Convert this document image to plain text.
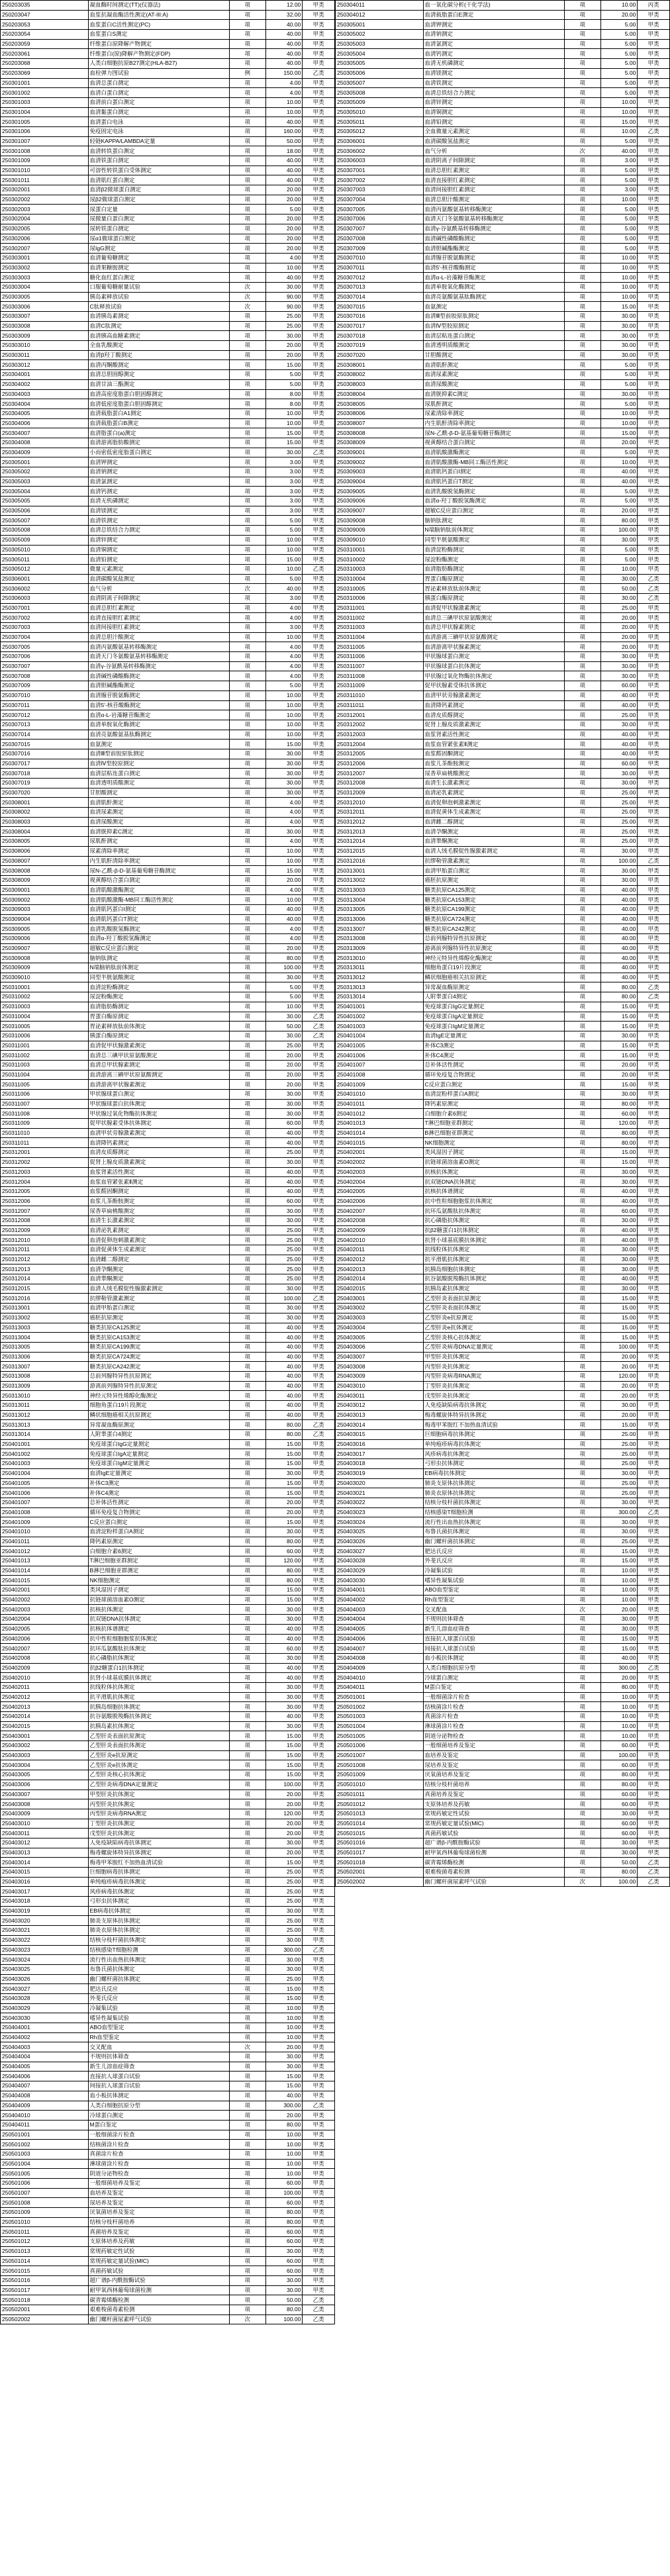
250203035	凝血酶时间测定(TT)(仪器法)	项	12.00	甲类
250203047	血浆抗凝血酶活性测定(AT-III:A)	项	32.00	甲类
250203053	血浆蛋白C活性测定(PC)	项	40.00	甲类
250203054	血浆蛋白S测定	项	40.00	甲类
250203059	纤维蛋白原降解产物测定	项	40.00	甲类
250203061	纤维蛋白(原)降解产物测定(FDP)	项	40.00	甲类
250203068	人类白细胞抗原B27测定(HLA-B27)	项	40.00	甲类
250203069	血栓弹力图试验	例	150.00	乙类
250301001	血清总蛋白测定	项	4.00	甲类
250301002	血清白蛋白测定	项	4.00	甲类
250301003	血清前白蛋白测定	项	10.00	甲类
250301004	血清黏蛋白测定	项	10.00	甲类
250301005	血清蛋白电泳	项	40.00	甲类
250301006	免疫固定电泳	项	160.00	甲类
250301007	轻链KAPPA/LAMBDA定量	项	50.00	甲类
250301008	血清转铁蛋白测定	项	18.00	甲类
250301009	血清铁蛋白测定	项	40.00	甲类
250301010	可溶性转铁蛋白受体测定	项	40.00	甲类
250301011	血清肌红蛋白测定	项	40.00	甲类
250302001	血清β2微球蛋白测定	项	20.00	甲类
250302002	尿β2微球蛋白测定	项	20.00	甲类
250302003	尿蛋白定量	项	5.00	甲类
250302004	尿微量白蛋白测定	项	20.00	甲类
250302005	尿转铁蛋白测定	项	20.00	甲类
250302006	尿α1微球蛋白测定	项	20.00	甲类
250302007	尿IgG测定	项	20.00	甲类
250303001	血清葡萄糖测定	项	4.00	甲类
250303002	血清果糖胺测定	项	10.00	甲类
250303003	糖化血红蛋白测定	项	40.00	甲类
250303004	口服葡萄糖耐量试验	次	30.00	甲类
250303005	胰岛素释放试验	次	90.00	甲类
250303006	C肽释放试验	次	90.00	甲类
250303007	血清胰岛素测定	项	25.00	甲类
250303008	血清C肽测定	项	25.00	甲类
250303009	血清胰高血糖素测定	项	30.00	甲类
250303010	全血乳酸测定	项	20.00	甲类
250303011	血清β羟丁酸测定	项	20.00	甲类
250303012	血清丙酮酸测定	项	15.00	甲类
250304001	血清总胆固醇测定	项	5.00	甲类
250304002	血清甘油三酯测定	项	5.00	甲类
250304003	血清高密度脂蛋白胆固醇测定	项	8.00	甲类
250304004	血清低密度脂蛋白胆固醇测定	项	8.00	甲类
250304005	血清载脂蛋白A1测定	项	10.00	甲类
250304006	血清载脂蛋白B测定	项	10.00	甲类
250304007	血清脂蛋白(a)测定	项	15.00	甲类
250304008	血清游离脂肪酸测定	项	15.00	甲类
250304009	小而密低密度脂蛋白测定	项	30.00	乙类
250305001	血清钾测定	项	3.00	甲类
250305002	血清钠测定	项	3.00	甲类
250305003	血清氯测定	项	3.00	甲类
250305004	血清钙测定	项	3.00	甲类
250305005	血清无机磷测定	项	3.00	甲类
250305006	血清镁测定	项	3.00	甲类
250305007	血清铁测定	项	5.00	甲类
250305008	血清总铁结合力测定	项	5.00	甲类
250305009	血清锌测定	项	10.00	甲类
250305010	血清铜测定	项	10.00	甲类
250305011	血清铅测定	项	15.00	甲类
250305012	微量元素测定	项	10.00	乙类
250306001	血清碳酸氢盐测定	项	5.00	甲类
250306002	血气分析	次	40.00	甲类
250306003	血清阴离子间隙测定	项	3.00	甲类
250307001	血清总胆红素测定	项	4.00	甲类
250307002	血清直接胆红素测定	项	4.00	甲类
250307003	血清间接胆红素测定	项	3.00	甲类
250307004	血清总胆汁酸测定	项	10.00	甲类
250307005	血清丙氨酸氨基转移酶测定	项	4.00	甲类
250307006	血清天门冬氨酸氨基转移酶测定	项	4.00	甲类
250307007	血清γ-谷氨酰基转移酶测定	项	4.00	甲类
250307008	血清碱性磷酸酶测定	项	4.00	甲类
250307009	血清胆碱酯酶测定	项	5.00	甲类
250307010	血清腺苷脱氨酶测定	项	10.00	甲类
250307011	血清5'-核苷酸酶测定	项	10.00	甲类
250307012	血清α-L-岩藻糖苷酶测定	项	10.00	甲类
250307013	血清单胺氧化酶测定	项	10.00	甲类
250307014	血清亮氨酸氨基肽酶测定	项	10.00	甲类
250307015	血氨测定	项	15.00	甲类
250307016	血清Ⅲ型前胶原肽测定	项	30.00	甲类
250307017	血清Ⅳ型胶原测定	项	30.00	甲类
250307018	血清层粘连蛋白测定	项	30.00	甲类
250307019	血清透明质酸测定	项	30.00	甲类
250307020	甘胆酸测定	项	30.00	甲类
250308001	血清肌酐测定	项	4.00	甲类
250308002	血清尿素测定	项	4.00	甲类
250308003	血清尿酸测定	项	4.00	甲类
250308004	血清胱抑素C测定	项	30.00	甲类
250308005	尿肌酐测定	项	4.00	甲类
250308006	尿素清除率测定	项	10.00	甲类
250308007	内生肌酐清除率测定	项	10.00	甲类
250308008	尿N-乙酰-β-D-氨基葡萄糖苷酶测定	项	15.00	甲类
250308009	视黄醇结合蛋白测定	项	20.00	甲类
250309001	血清肌酸激酶测定	项	4.00	甲类
250309002	血清肌酸激酶-MB同工酶活性测定	项	10.00	甲类
250309003	血清肌钙蛋白I测定	项	40.00	甲类
250309004	血清肌钙蛋白T测定	项	40.00	甲类
250309005	血清乳酸脱氢酶测定	项	4.00	甲类
250309006	血清α-羟丁酸脱氢酶测定	项	4.00	甲类
250309007	超敏C反应蛋白测定	项	20.00	甲类
250309008	脑钠肽测定	项	80.00	甲类
250309009	N端脑钠肽前体测定	项	100.00	甲类
250309010	同型半胱氨酸测定	项	30.00	甲类
250310001	血清淀粉酶测定	项	5.00	甲类
250310002	尿淀粉酶测定	项	5.00	甲类
250310003	血清脂肪酶测定	项	10.00	甲类
250310004	胃蛋白酶原测定	项	30.00	乙类
250310005	胃泌素释放肽前体测定	项	50.00	乙类
250310006	胰蛋白酶原测定	项	30.00	乙类
250311001	血清促甲状腺激素测定	项	25.00	甲类
250311002	血清总三碘甲状原氨酸测定	项	20.00	甲类
250311003	血清总甲状腺素测定	项	20.00	甲类
250311004	血清游离三碘甲状原氨酸测定	项	20.00	甲类
250311005	血清游离甲状腺素测定	项	20.00	甲类
250311006	甲状腺球蛋白测定	项	30.00	甲类
250311007	甲状腺球蛋白抗体测定	项	30.00	甲类
250311008	甲状腺过氧化物酶抗体测定	项	30.00	甲类
250311009	促甲状腺素受体抗体测定	项	60.00	甲类
250311010	血清甲状旁腺激素测定	项	40.00	甲类
250311011	血清降钙素测定	项	40.00	甲类
250312001	血清皮质醇测定	项	25.00	甲类
250312002	促肾上腺皮质激素测定	项	30.00	甲类
250312003	血浆肾素活性测定	项	40.00	甲类
250312004	血浆血管紧张素Ⅱ测定	项	40.00	甲类
250312005	血浆醛固酮测定	项	40.00	甲类
250312006	血浆儿茶酚胺测定	项	60.00	甲类
250312007	尿香草扁桃酸测定	项	30.00	甲类
250312008	血清生长激素测定	项	30.00	甲类
250312009	血清泌乳素测定	项	25.00	甲类
250312010	血清促卵泡刺激素测定	项	25.00	甲类
250312011	血清促黄体生成素测定	项	25.00	甲类
250312012	血清雌二醇测定	项	25.00	甲类
250312013	血清孕酮测定	项	25.00	甲类
250312014	血清睾酮测定	项	25.00	甲类
250312015	血清人绒毛膜促性腺激素测定	项	30.00	甲类
250312016	抗缪勒管激素测定	项	100.00	乙类
250313001	血清甲胎蛋白测定	项	30.00	甲类
250313002	癌胚抗原测定	项	30.00	甲类
250313003	糖类抗原CA125测定	项	40.00	甲类
250313004	糖类抗原CA153测定	项	40.00	甲类
250313005	糖类抗原CA199测定	项	40.00	甲类
250313006	糖类抗原CA724测定	项	40.00	甲类
250313007	糖类抗原CA242测定	项	40.00	甲类
250313008	总前列腺特异性抗原测定	项	40.00	甲类
250313009	游离前列腺特异性抗原测定	项	40.00	甲类
250313010	神经元特异性烯醇化酶测定	项	40.00	甲类
250313011	细胞角蛋白19片段测定	项	40.00	甲类
250313012	鳞状细胞癌相关抗原测定	项	40.00	甲类
250313013	异常凝血酶原测定	项	80.00	乙类
250313014	人附睾蛋白4测定	项	80.00	乙类
250401001	免疫球蛋白IgG定量测定	项	15.00	甲类
250401002	免疫球蛋白IgA定量测定	项	15.00	甲类
250401003	免疫球蛋白IgM定量测定	项	15.00	甲类
250401004	血清IgE定量测定	项	30.00	甲类
250401005	补体C3测定	项	15.00	甲类
250401006	补体C4测定	项	15.00	甲类
250401007	总补体活性测定	项	20.00	甲类
250401008	循环免疫复合物测定	项	20.00	甲类
250401009	C反应蛋白测定	项	15.00	甲类
250401010	血清淀粉样蛋白A测定	项	30.00	甲类
250401011	降钙素原测定	项	80.00	甲类
250401012	白细胞介素6测定	项	60.00	甲类
250401013	T淋巴细胞亚群测定	项	120.00	甲类
250401014	B淋巴细胞亚群测定	项	80.00	甲类
250401015	NK细胞测定	项	80.00	甲类
250402001	类风湿因子测定	项	15.00	甲类
250402002	抗链球菌溶血素O测定	项	15.00	甲类
250402003	抗核抗体测定	项	30.00	甲类
250402004	抗双链DNA抗体测定	项	30.00	甲类
250402005	抗核抗体谱测定	项	40.00	甲类
250402006	抗中性粒细胞胞浆抗体测定	项	40.00	甲类
250402007	抗环瓜氨酸肽抗体测定	项	60.00	甲类
250402008	抗心磷脂抗体测定	项	30.00	甲类
250402009	抗β2糖蛋白1抗体测定	项	40.00	甲类
250402010	抗肾小球基底膜抗体测定	项	40.00	甲类
250402011	抗线粒体抗体测定	项	30.00	甲类
250402012	抗平滑肌抗体测定	项	30.00	甲类
250402013	抗胰岛细胞抗体测定	项	30.00	甲类
250402014	抗谷氨酸脱羧酶抗体测定	项	40.00	甲类
250402015	抗胰岛素抗体测定	项	30.00	甲类
250403001	乙型肝炎表面抗原测定	项	15.00	甲类
250403002	乙型肝炎表面抗体测定	项	15.00	甲类
250403003	乙型肝炎e抗原测定	项	15.00	甲类
250403004	乙型肝炎e抗体测定	项	15.00	甲类
250403005	乙型肝炎核心抗体测定	项	15.00	甲类
250403006	乙型肝炎病毒DNA定量测定	项	100.00	甲类
250403007	甲型肝炎抗体测定	项	20.00	甲类
250403008	丙型肝炎抗体测定	项	20.00	甲类
250403009	丙型肝炎病毒RNA测定	项	120.00	甲类
250403010	丁型肝炎抗体测定	项	20.00	甲类
250403011	戊型肝炎抗体测定	项	20.00	甲类
250403012	人免疫缺陷病毒抗体测定	项	30.00	甲类
250403013	梅毒螺旋体特异抗体测定	项	20.00	甲类
250403014	梅毒甲苯胺红不加热血清试验	项	15.00	甲类
250403015	巨细胞病毒抗体测定	项	25.00	甲类
250403016	单纯疱疹病毒抗体测定	项	25.00	甲类
250403017	风疹病毒抗体测定	项	25.00	甲类
250403018	弓形虫抗体测定	项	25.00	甲类
250403019	EB病毒抗体测定	项	30.00	甲类
250403020	肺炎支原体抗体测定	项	25.00	甲类
250403021	肺炎衣原体抗体测定	项	25.00	甲类
250403022	结核分枝杆菌抗体测定	项	30.00	甲类
250403023	结核感染T细胞检测	项	300.00	乙类
250403024	流行性出血热抗体测定	项	30.00	甲类
250403025	布鲁氏菌抗体测定	项	30.00	甲类
250403026	幽门螺杆菌抗体测定	项	25.00	甲类
250403027	肥达氏反应	项	15.00	甲类
250403028	外斐氏反应	项	15.00	甲类
250403029	冷凝集试验	项	10.00	甲类
250403030	嗜异性凝集试验	项	10.00	甲类
250404001	ABO血型鉴定	项	10.00	甲类
250404002	Rh血型鉴定	项	10.00	甲类
250404003	交叉配血	次	20.00	甲类
250404004	不规则抗体筛查	项	30.00	甲类
250404005	新生儿溶血症筛查	项	30.00	甲类
250404006	直接抗人球蛋白试验	项	15.00	甲类
250404007	间接抗人球蛋白试验	项	15.00	甲类
250404008	血小板抗体测定	项	40.00	甲类
250404009	人类白细胞抗原分型	项	300.00	乙类
250404010	冷球蛋白测定	项	20.00	甲类
250404011	M蛋白鉴定	项	80.00	甲类
250501001	一般细菌涂片检查	项	10.00	甲类
250501002	结核菌涂片检查	项	10.00	甲类
250501003	真菌涂片检查	项	10.00	甲类
250501004	淋球菌涂片检查	项	10.00	甲类
250501005	阴道分泌物检查	项	10.00	甲类
250501006	一般细菌培养及鉴定	项	60.00	甲类
250501007	血培养及鉴定	项	100.00	甲类
250501008	尿培养及鉴定	项	60.00	甲类
250501009	厌氧菌培养及鉴定	项	80.00	甲类
250501010	结核分枝杆菌培养	项	80.00	甲类
250501011	真菌培养及鉴定	项	60.00	甲类
250501012	支原体培养及药敏	项	60.00	甲类
250501013	常规药敏定性试验	项	30.00	甲类
250501014	常规药敏定量试验(MIC)	项	60.00	甲类
250501015	真菌药敏试验	项	60.00	甲类
250501016	超广谱β-内酰胺酶试验	项	30.00	甲类
250501017	耐甲氧西林葡萄球菌检测	项	30.00	甲类
250501018	碳青霉烯酶检测	项	50.00	乙类
250502001	艰难梭菌毒素检测	项	80.00	乙类
250502002	幽门螺杆菌尿素呼气试验	次	100.00	乙类
250304011	血一氧化碳分析(干化学法)	项	10.00	丙类
250304012	血清载脂蛋白E测定	项	20.00	甲类
250305001	血清钾测定	项	5.00	甲类
250305002	血清钠测定	项	5.00	甲类
250305003	血清氯测定	项	5.00	甲类
250305004	血清钙测定	项	5.00	甲类
250305005	血清无机磷测定	项	5.00	甲类
250305006	血清镁测定	项	5.00	甲类
250305007	血清铁测定	项	5.00	甲类
250305008	血清总铁结合力测定	项	5.00	甲类
250305009	血清锌测定	项	10.00	甲类
250305010	血清铜测定	项	10.00	甲类
250305011	血清铅测定	项	15.00	甲类
250305012	全血微量元素测定	项	10.00	乙类
250306001	血清碳酸氢盐测定	项	5.00	甲类
250306002	血气分析	次	40.00	甲类
250306003	血清阴离子间隙测定	项	3.00	甲类
250307001	血清总胆红素测定	项	5.00	甲类
250307002	血清直接胆红素测定	项	5.00	甲类
250307003	血清间接胆红素测定	项	3.00	甲类
250307004	血清总胆汁酸测定	项	10.00	甲类
250307005	血清丙氨酸氨基转移酶测定	项	5.00	甲类
250307006	血清天门冬氨酸氨基转移酶测定	项	5.00	甲类
250307007	血清γ-谷氨酰基转移酶测定	项	5.00	甲类
250307008	血清碱性磷酸酶测定	项	5.00	甲类
250307009	血清胆碱酯酶测定	项	5.00	甲类
250307010	血清腺苷脱氨酶测定	项	10.00	甲类
250307011	血清5'-核苷酸酶测定	项	10.00	甲类
250307012	血清α-L-岩藻糖苷酶测定	项	10.00	甲类
250307013	血清单胺氧化酶测定	项	10.00	甲类
250307014	血清亮氨酸氨基肽酶测定	项	10.00	甲类
250307015	血氨测定	项	15.00	甲类
250307016	血清Ⅲ型前胶原肽测定	项	30.00	甲类
250307017	血清Ⅳ型胶原测定	项	30.00	甲类
250307018	血清层粘连蛋白测定	项	30.00	甲类
250307019	血清透明质酸测定	项	30.00	甲类
250307020	甘胆酸测定	项	30.00	甲类
250308001	血清肌酐测定	项	5.00	甲类
250308002	血清尿素测定	项	5.00	甲类
250308003	血清尿酸测定	项	5.00	甲类
250308004	血清胱抑素C测定	项	30.00	甲类
250308005	尿肌酐测定	项	5.00	甲类
250308006	尿素清除率测定	项	10.00	甲类
250308007	内生肌酐清除率测定	项	10.00	甲类
250308008	尿N-乙酰-β-D-氨基葡萄糖苷酶测定	项	15.00	甲类
250308009	视黄醇结合蛋白测定	项	20.00	甲类
250309001	血清肌酸激酶测定	项	5.00	甲类
250309002	血清肌酸激酶-MB同工酶活性测定	项	10.00	甲类
250309003	血清肌钙蛋白I测定	项	40.00	甲类
250309004	血清肌钙蛋白T测定	项	40.00	甲类
250309005	血清乳酸脱氢酶测定	项	5.00	甲类
250309006	血清α-羟丁酸脱氢酶测定	项	5.00	甲类
250309007	超敏C反应蛋白测定	项	20.00	甲类
250309008	脑钠肽测定	项	80.00	甲类
250309009	N端脑钠肽前体测定	项	100.00	甲类
250309010	同型半胱氨酸测定	项	30.00	甲类
250310001	血清淀粉酶测定	项	5.00	甲类
250310002	尿淀粉酶测定	项	5.00	甲类
250310003	血清脂肪酶测定	项	10.00	甲类
250310004	胃蛋白酶原测定	项	30.00	乙类
250310005	胃泌素释放肽前体测定	项	50.00	乙类
250310006	胰蛋白酶原测定	项	30.00	乙类
250311001	血清促甲状腺激素测定	项	25.00	甲类
250311002	血清总三碘甲状原氨酸测定	项	20.00	甲类
250311003	血清总甲状腺素测定	项	20.00	甲类
250311004	血清游离三碘甲状原氨酸测定	项	20.00	甲类
250311005	血清游离甲状腺素测定	项	20.00	甲类
250311006	甲状腺球蛋白测定	项	30.00	甲类
250311007	甲状腺球蛋白抗体测定	项	30.00	甲类
250311008	甲状腺过氧化物酶抗体测定	项	30.00	甲类
250311009	促甲状腺素受体抗体测定	项	60.00	甲类
250311010	血清甲状旁腺激素测定	项	40.00	甲类
250311011	血清降钙素测定	项	40.00	甲类
250312001	血清皮质醇测定	项	25.00	甲类
250312002	促肾上腺皮质激素测定	项	30.00	甲类
250312003	血浆肾素活性测定	项	40.00	甲类
250312004	血浆血管紧张素Ⅱ测定	项	40.00	甲类
250312005	血浆醛固酮测定	项	40.00	甲类
250312006	血浆儿茶酚胺测定	项	60.00	甲类
250312007	尿香草扁桃酸测定	项	30.00	甲类
250312008	血清生长激素测定	项	30.00	甲类
250312009	血清泌乳素测定	项	25.00	甲类
250312010	血清促卵泡刺激素测定	项	25.00	甲类
250312011	血清促黄体生成素测定	项	25.00	甲类
250312012	血清雌二醇测定	项	25.00	甲类
250312013	血清孕酮测定	项	25.00	甲类
250312014	血清睾酮测定	项	25.00	甲类
250312015	血清人绒毛膜促性腺激素测定	项	30.00	甲类
250312016	抗缪勒管激素测定	项	100.00	乙类
250313001	血清甲胎蛋白测定	项	30.00	甲类
250313002	癌胚抗原测定	项	30.00	甲类
250313003	糖类抗原CA125测定	项	40.00	甲类
250313004	糖类抗原CA153测定	项	40.00	甲类
250313005	糖类抗原CA199测定	项	40.00	甲类
250313006	糖类抗原CA724测定	项	40.00	甲类
250313007	糖类抗原CA242测定	项	40.00	甲类
250313008	总前列腺特异性抗原测定	项	40.00	甲类
250313009	游离前列腺特异性抗原测定	项	40.00	甲类
250313010	神经元特异性烯醇化酶测定	项	40.00	甲类
250313011	细胞角蛋白19片段测定	项	40.00	甲类
250313012	鳞状细胞癌相关抗原测定	项	40.00	甲类
250313013	异常凝血酶原测定	项	80.00	乙类
250313014	人附睾蛋白4测定	项	80.00	乙类
250401001	免疫球蛋白IgG定量测定	项	15.00	甲类
250401002	免疫球蛋白IgA定量测定	项	15.00	甲类
250401003	免疫球蛋白IgM定量测定	项	15.00	甲类
250401004	血清IgE定量测定	项	30.00	甲类
250401005	补体C3测定	项	15.00	甲类
250401006	补体C4测定	项	15.00	甲类
250401007	总补体活性测定	项	20.00	甲类
250401008	循环免疫复合物测定	项	20.00	甲类
250401009	C反应蛋白测定	项	15.00	甲类
250401010	血清淀粉样蛋白A测定	项	30.00	甲类
250401011	降钙素原测定	项	80.00	甲类
250401012	白细胞介素6测定	项	60.00	甲类
250401013	T淋巴细胞亚群测定	项	120.00	甲类
250401014	B淋巴细胞亚群测定	项	80.00	甲类
250401015	NK细胞测定	项	80.00	甲类
250402001	类风湿因子测定	项	15.00	甲类
250402002	抗链球菌溶血素O测定	项	15.00	甲类
250402003	抗核抗体测定	项	30.00	甲类
250402004	抗双链DNA抗体测定	项	30.00	甲类
250402005	抗核抗体谱测定	项	40.00	甲类
250402006	抗中性粒细胞胞浆抗体测定	项	40.00	甲类
250402007	抗环瓜氨酸肽抗体测定	项	60.00	甲类
250402008	抗心磷脂抗体测定	项	30.00	甲类
250402009	抗β2糖蛋白1抗体测定	项	40.00	甲类
250402010	抗肾小球基底膜抗体测定	项	40.00	甲类
250402011	抗线粒体抗体测定	项	30.00	甲类
250402012	抗平滑肌抗体测定	项	30.00	甲类
250402013	抗胰岛细胞抗体测定	项	30.00	甲类
250402014	抗谷氨酸脱羧酶抗体测定	项	40.00	甲类
250402015	抗胰岛素抗体测定	项	30.00	甲类
250403001	乙型肝炎表面抗原测定	项	15.00	甲类
250403002	乙型肝炎表面抗体测定	项	15.00	甲类
250403003	乙型肝炎e抗原测定	项	15.00	甲类
250403004	乙型肝炎e抗体测定	项	15.00	甲类
250403005	乙型肝炎核心抗体测定	项	15.00	甲类
250403006	乙型肝炎病毒DNA定量测定	项	100.00	甲类
250403007	甲型肝炎抗体测定	项	20.00	甲类
250403008	丙型肝炎抗体测定	项	20.00	甲类
250403009	丙型肝炎病毒RNA测定	项	120.00	甲类
250403010	丁型肝炎抗体测定	项	20.00	甲类
250403011	戊型肝炎抗体测定	项	20.00	甲类
250403012	人免疫缺陷病毒抗体测定	项	30.00	甲类
250403013	梅毒螺旋体特异抗体测定	项	20.00	甲类
250403014	梅毒甲苯胺红不加热血清试验	项	15.00	甲类
250403015	巨细胞病毒抗体测定	项	25.00	甲类
250403016	单纯疱疹病毒抗体测定	项	25.00	甲类
250403017	风疹病毒抗体测定	项	25.00	甲类
250403018	弓形虫抗体测定	项	25.00	甲类
250403019	EB病毒抗体测定	项	30.00	甲类
250403020	肺炎支原体抗体测定	项	25.00	甲类
250403021	肺炎衣原体抗体测定	项	25.00	甲类
250403022	结核分枝杆菌抗体测定	项	30.00	甲类
250403023	结核感染T细胞检测	项	300.00	乙类
250403024	流行性出血热抗体测定	项	30.00	甲类
250403025	布鲁氏菌抗体测定	项	30.00	甲类
250403026	幽门螺杆菌抗体测定	项	25.00	甲类
250403027	肥达氏反应	项	15.00	甲类
250403028	外斐氏反应	项	15.00	甲类
250403029	冷凝集试验	项	10.00	甲类
250403030	嗜异性凝集试验	项	10.00	甲类
250404001	ABO血型鉴定	项	10.00	甲类
250404002	Rh血型鉴定	项	10.00	甲类
250404003	交叉配血	次	20.00	甲类
250404004	不规则抗体筛查	项	30.00	甲类
250404005	新生儿溶血症筛查	项	30.00	甲类
250404006	直接抗人球蛋白试验	项	15.00	甲类
250404007	间接抗人球蛋白试验	项	15.00	甲类
250404008	血小板抗体测定	项	40.00	甲类
250404009	人类白细胞抗原分型	项	300.00	乙类
250404010	冷球蛋白测定	项	20.00	甲类
250404011	M蛋白鉴定	项	80.00	甲类
250501001	一般细菌涂片检查	项	10.00	甲类
250501002	结核菌涂片检查	项	10.00	甲类
250501003	真菌涂片检查	项	10.00	甲类
250501004	淋球菌涂片检查	项	10.00	甲类
250501005	阴道分泌物检查	项	10.00	甲类
250501006	一般细菌培养及鉴定	项	60.00	甲类
250501007	血培养及鉴定	项	100.00	甲类
250501008	尿培养及鉴定	项	60.00	甲类
250501009	厌氧菌培养及鉴定	项	80.00	甲类
250501010	结核分枝杆菌培养	项	80.00	甲类
250501011	真菌培养及鉴定	项	60.00	甲类
250501012	支原体培养及药敏	项	60.00	甲类
250501013	常规药敏定性试验	项	30.00	甲类
250501014	常规药敏定量试验(MIC)	项	60.00	甲类
250501015	真菌药敏试验	项	60.00	甲类
250501016	超广谱β-内酰胺酶试验	项	30.00	甲类
250501017	耐甲氧西林葡萄球菌检测	项	30.00	甲类
250501018	碳青霉烯酶检测	项	50.00	乙类
250502001	艰难梭菌毒素检测	项	80.00	乙类
250502002	幽门螺杆菌尿素呼气试验	次	100.00	乙类
